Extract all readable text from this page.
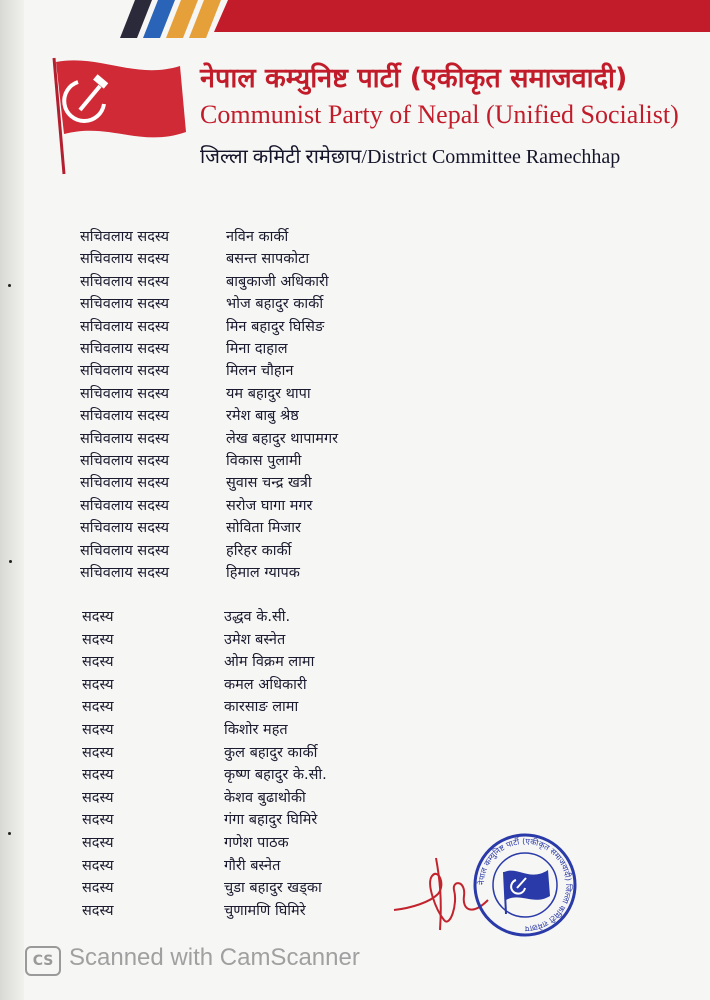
नेपाल कम्युनिष्ट पार्टी (एकीकृत समाजवादी)
Communist Party of Nepal (Unified Socialist)
जिल्ला कमिटी रामेछाप/District Committee Ramechhap
सचिवलाय सदस्य	नविन कार्की
सचिवलाय सदस्य	बसन्त सापकोटा
सचिवलाय सदस्य	बाबुकाजी अधिकारी
सचिवलाय सदस्य	भोज बहादुर कार्की
सचिवलाय सदस्य	मिन बहादुर घिसिङ
सचिवलाय सदस्य	मिना दाहाल
सचिवलाय सदस्य	मिलन चौहान
सचिवलाय सदस्य	यम बहादुर थापा
सचिवलाय सदस्य	रमेश बाबु श्रेष्ठ
सचिवलाय सदस्य	लेख बहादुर थापामगर
सचिवलाय सदस्य	विकास पुलामी
सचिवलाय सदस्य	सुवास चन्द्र खत्री
सचिवलाय सदस्य	सरोज घागा मगर
सचिवलाय सदस्य	सोविता मिजार
सचिवलाय सदस्य	हरिहर कार्की
सचिवलाय सदस्य	हिमाल ग्यापक
सदस्य	उद्धव के.सी.
सदस्य	उमेश बस्नेत
सदस्य	ओम विक्रम लामा
सदस्य	कमल अधिकारी
सदस्य	कारसाङ लामा
सदस्य	किशोर महत
सदस्य	कुल बहादुर कार्की
सदस्य	कृष्ण बहादुर के.सी.
सदस्य	केशव बुढाथोकी
सदस्य	गंगा बहादुर घिमिरे
सदस्य	गणेश पाठक
सदस्य	गौरी बस्नेत
सदस्य	चुडा बहादुर खड्का
सदस्य	चुणामणि घिमिरे
नेपाल कम्युनिष्ट पार्टी (एकीकृत समाजवादी) जिल्ला कमिटी रामेछाप
CS Scanned with CamScanner
